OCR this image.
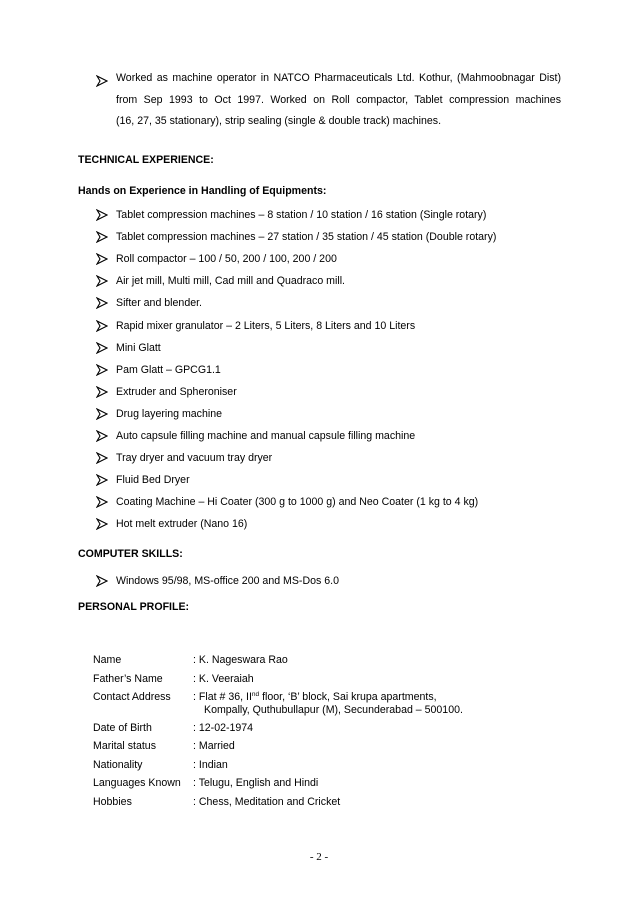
Worked as machine operator in NATCO Pharmaceuticals Ltd. Kothur, (Mahmoobnagar Dist)
from Sep 1993 to Oct 1997. Worked on Roll compactor, Tablet compression machines
(16, 27, 35 stationary), strip sealing (single & double track) machines.
TECHNICAL EXPERIENCE:
Hands on Experience in Handling of Equipments:
Tablet compression machines – 8 station / 10 station / 16 station (Single rotary)
Tablet compression machines – 27 station / 35 station / 45 station (Double rotary)
Roll compactor – 100 / 50, 200 / 100, 200 / 200
Air jet mill, Multi mill, Cad mill and Quadraco mill.
Sifter and blender.
Rapid mixer granulator – 2 Liters, 5 Liters, 8 Liters and 10 Liters
Mini Glatt
Pam Glatt – GPCG1.1
Extruder and Spheroniser
Drug layering machine
Auto capsule filling machine and manual capsule filling machine
Tray dryer and vacuum tray dryer
Fluid Bed Dryer
Coating Machine – Hi Coater (300 g to 1000 g) and Neo Coater (1 kg to 4 kg)
Hot melt extruder (Nano 16)
COMPUTER SKILLS:
Windows 95/98, MS-office 200 and MS-Dos 6.0
PERSONAL PROFILE:
Name	: K. Nageswara Rao
Father’s Name	: K. Veeraiah
Contact Address : Flat # 36, IInd floor, ‘B’ block, Sai krupa apartments,
Kompally, Quthubullapur (M), Secunderabad – 500100.
Date of Birth	: 12-02-1974
Marital status	: Married
Nationality	: Indian
Languages Known : Telugu, English and Hindi
Hobbies	: Chess, Meditation and Cricket
- 2 -
